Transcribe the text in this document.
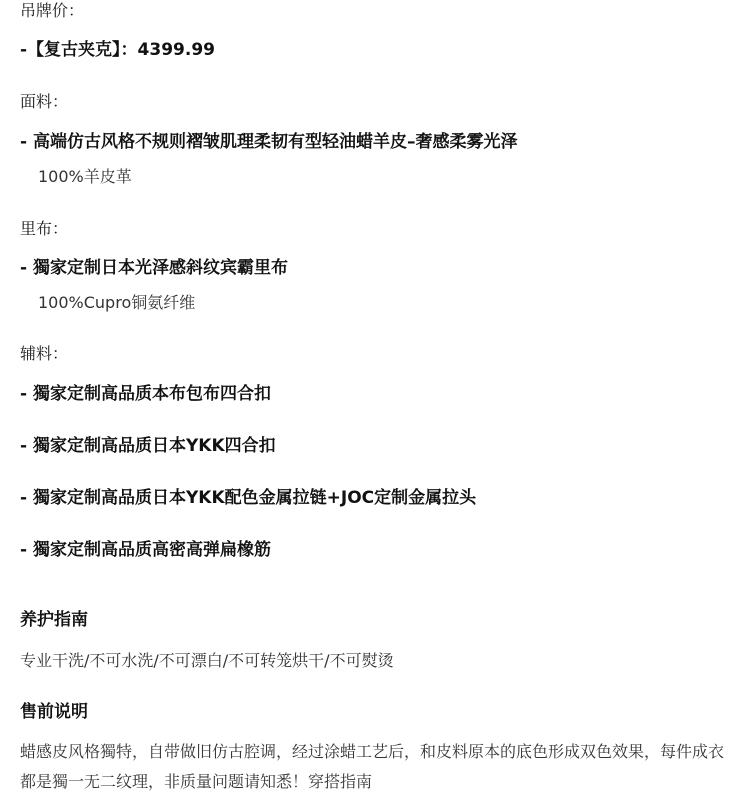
吊牌价：
-【复古夹克】：4399.99
面料：
- 高端仿古风格不规则褶皱肌理柔韧有型轻油蜡羊皮–奢感柔雾光泽
100%羊皮革
里布：
- 獨家定制日本光泽感斜纹宾霸里布
100%Cupro铜氨纤维
辅料：
- 獨家定制高品质本布包布四合扣
- 獨家定制高品质日本YKK四合扣
- 獨家定制高品质日本YKK配色金属拉链+JOC定制金属拉头
- 獨家定制高品质高密高弹扁橡筋
养护指南
专业干洗/不可水洗/不可漂白/不可转笼烘干/不可熨烫
售前说明

蜡感皮风格獨特，自带做旧仿古腔调，经过涂蜡工艺后，和皮料原本的底色形成双色效果，每件成衣都是獨一无二纹理，非质量问题请知悉！穿搭指南
